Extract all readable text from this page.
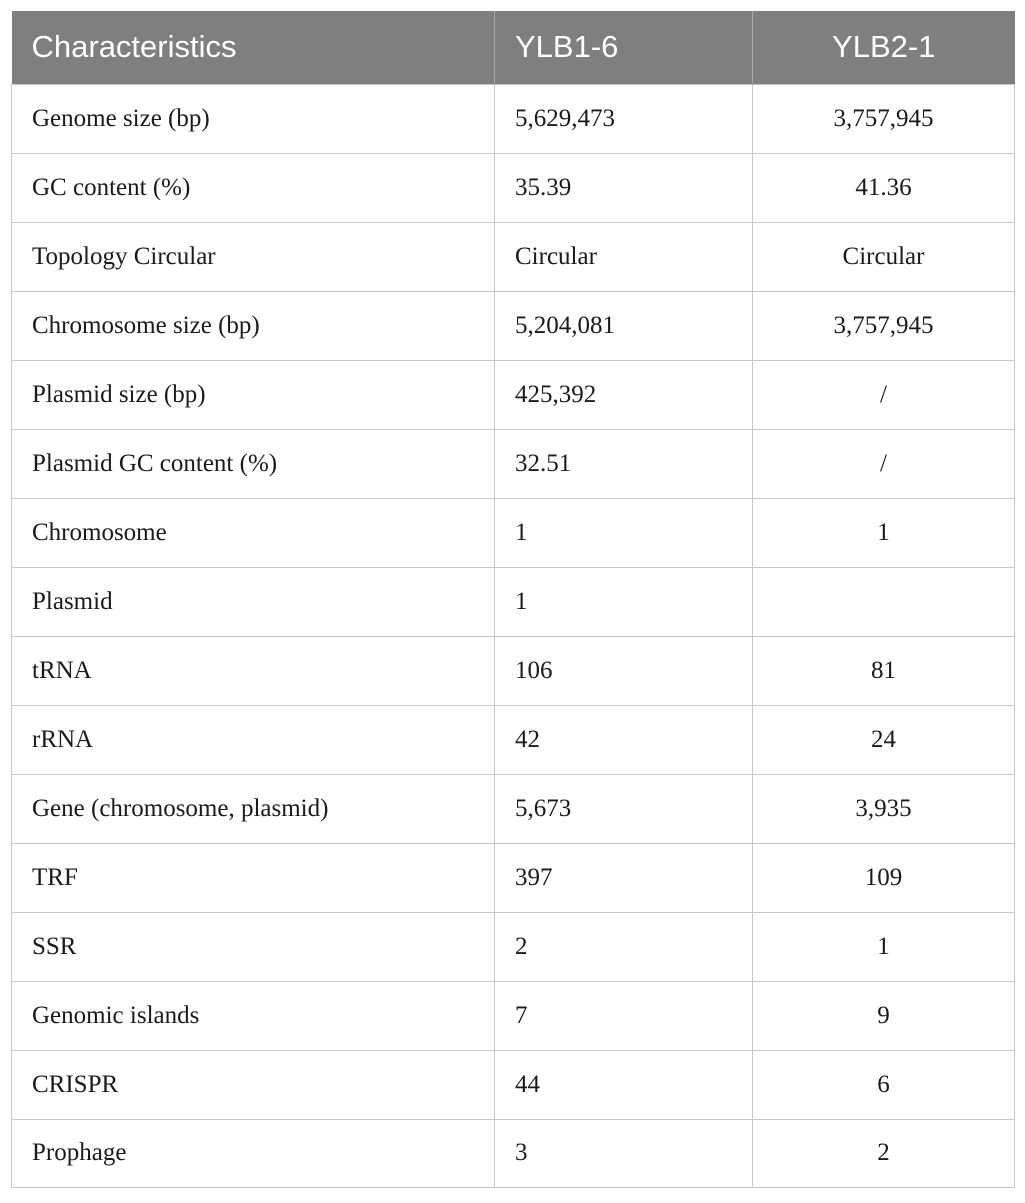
Characteristics	YLB1-6	YLB2-1
Genome size (bp)	5,629,473	3,757,945
GC content (%)	35.39	41.36
Topology Circular	Circular	Circular
Chromosome size (bp)	5,204,081	3,757,945
Plasmid size (bp)	425,392	/
Plasmid GC content (%)	32.51	/
Chromosome	1	1
Plasmid	1	
tRNA	106	81
rRNA	42	24
Gene (chromosome, plasmid)	5,673	3,935
TRF	397	109
SSR	2	1
Genomic islands	7	9
CRISPR	44	6
Prophage	3	2
